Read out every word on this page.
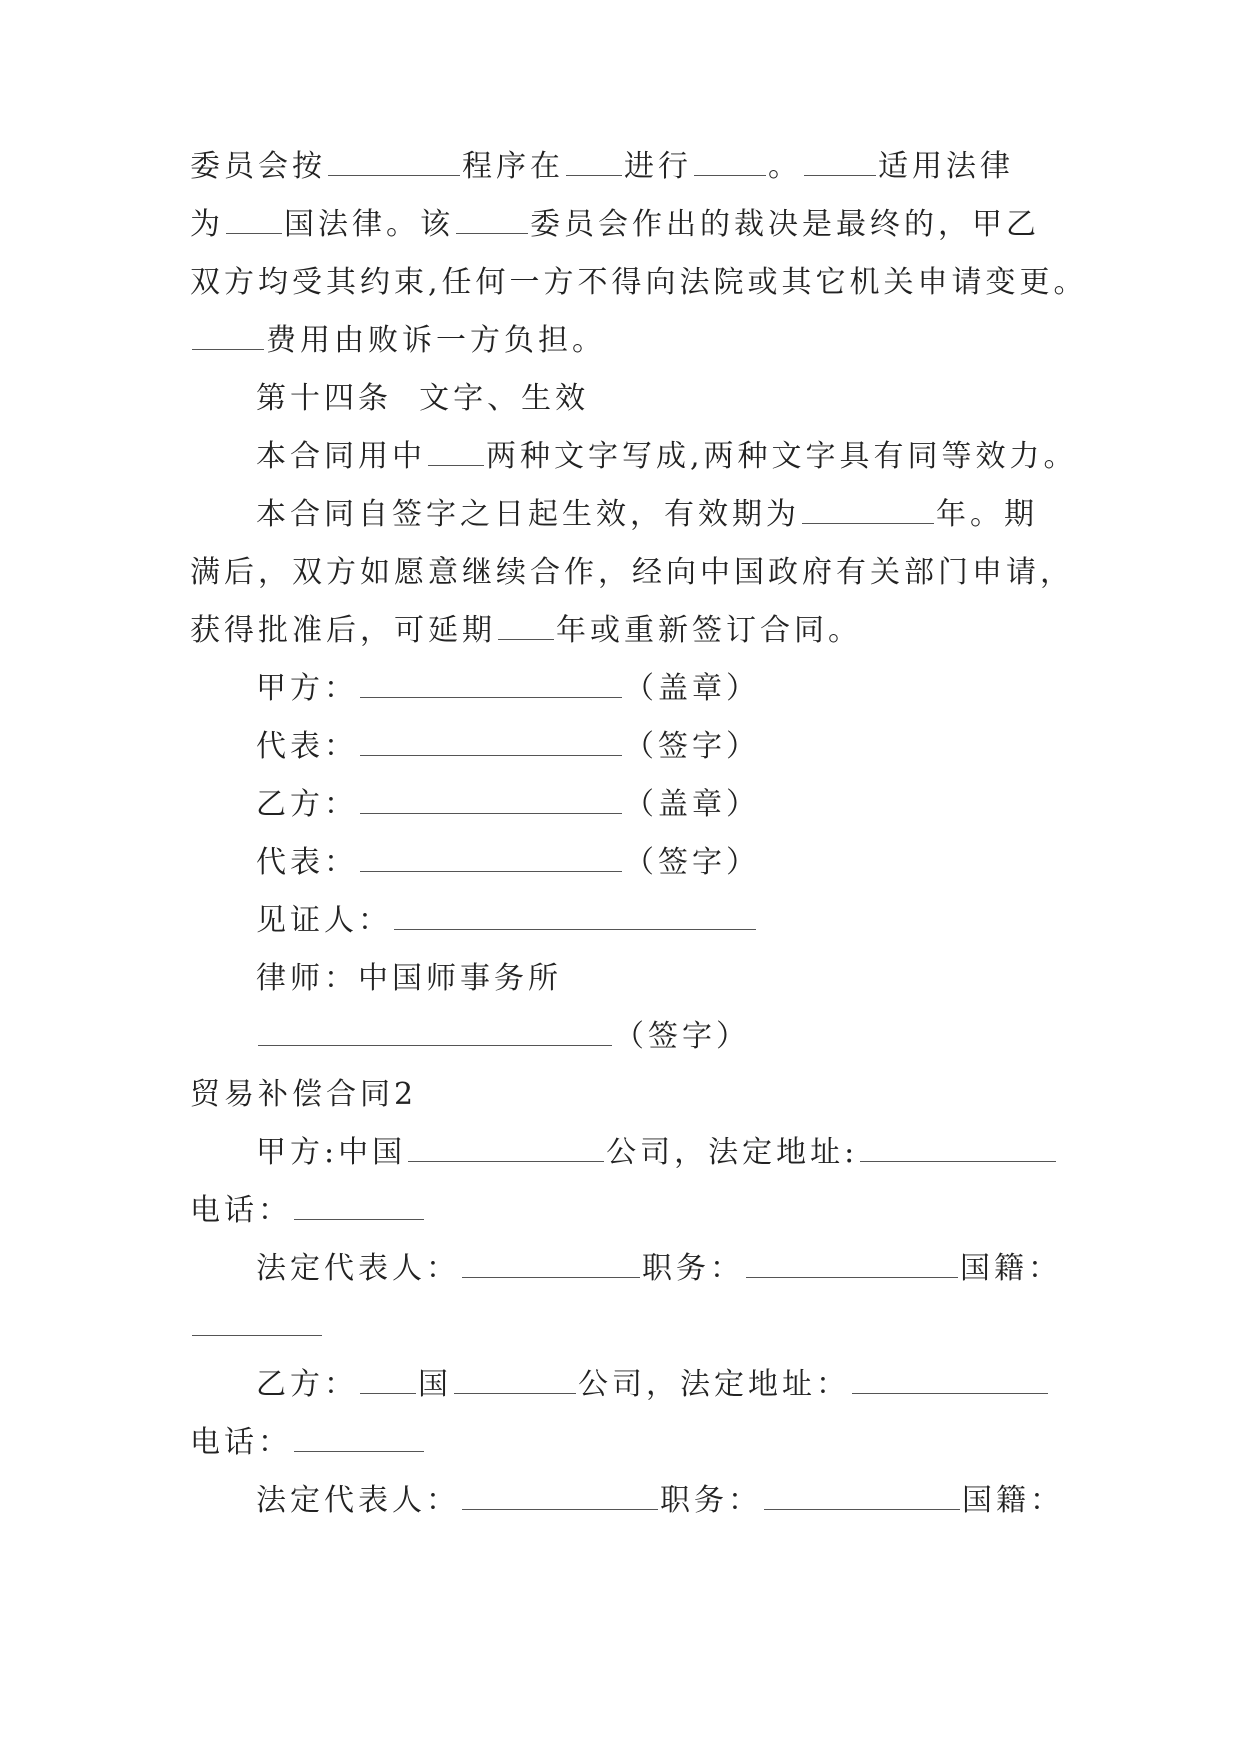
委员会按	程序在 进行	。	适用法律
为 国法律。该	委员会作出的裁决是最终的，甲乙
双方均受其约束,任何一方不得向法院或其它机关申请变更。
费用由败诉一方负担。
第十四条  文字、生效
本合同用中 两种文字写成,两种文字具有同等效力。
本合同自签字之日起生效，有效期为	年。期
满后，双方如愿意继续合作，经向中国政府有关部门申请，
获得批准后，可延期 年或重新签订合同。
甲方：	（盖章）
代表：	（签字）
乙方：	（盖章）
代表：	（签字）
见证人：
律师：中国师事务所
（签字）
贸易补偿合同2
甲方:中国	公司，法定地址:
电话：
法定代表人：	职务：	国籍：
乙方： 国	公司，法定地址：
电话：
法定代表人：	职务：	国籍：
